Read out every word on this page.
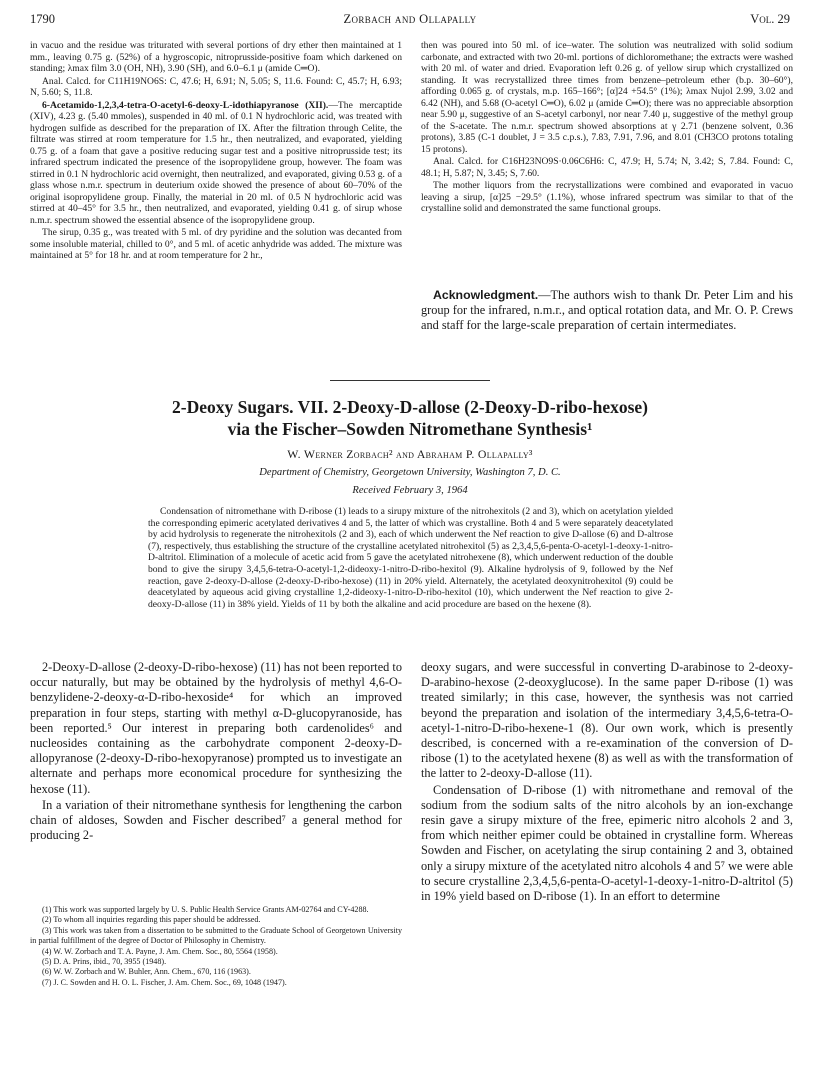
1790	Zorbach and Ollapally	Vol. 29

in vacuo and the residue was triturated with several portions of dry ether then maintained at 1 mm., leaving 0.75 g. (52%) of a hygroscopic, nitroprusside-positive foam which darkened on standing; λmax film 3.0 (OH, NH), 3.90 (SH), and 6.0–6.1 μ (amide C═O).

Anal. Calcd. for C11H19NO6S: C, 47.6; H, 6.91; N, 5.05; S, 11.6. Found: C, 45.7; H, 6.93; N, 5.60; S, 11.8.

6-Acetamido-1,2,3,4-tetra-O-acetyl-6-deoxy-L-idothiapyranose (XII).—The mercaptide (XIV), 4.23 g. (5.40 mmoles), suspended in 40 ml. of 0.1 N hydrochloric acid, was treated with hydrogen sulfide as described for the preparation of IX. After the filtration through Celite, the filtrate was stirred at room temperature for 1.5 hr., then neutralized, and evaporated, yielding 0.75 g. of a foam that gave a positive reducing sugar test and a positive nitroprusside test; its infrared spectrum indicated the presence of the isopropylidene group, however. The foam was stirred in 0.1 N hydrochloric acid overnight, then neutralized, and evaporated, giving 0.53 g. of a glass whose n.m.r. spectrum in deuterium oxide showed the presence of about 60–70% of the original isopropylidene group. Finally, the material in 20 ml. of 0.5 N hydrochloric acid was stirred at 40–45° for 3.5 hr., then neutralized, and evaporated, yielding 0.41 g. of sirup whose n.m.r. spectrum showed the essential absence of the isopropylidene group.

The sirup, 0.35 g., was treated with 5 ml. of dry pyridine and the solution was decanted from some insoluble material, chilled to 0°, and 5 ml. of acetic anhydride was added. The mixture was maintained at 5° for 18 hr. and at room temperature for 2 hr.,

then was poured into 50 ml. of ice–water. The solution was neutralized with solid sodium carbonate, and extracted with two 20-ml. portions of dichloromethane; the extracts were washed with 20 ml. of water and dried. Evaporation left 0.26 g. of yellow sirup which crystallized on standing. It was recrystallized three times from benzene–petroleum ether (b.p. 30–60°), affording 0.065 g. of crystals, m.p. 165–166°; [α]24 +54.5° (1%); λmax Nujol 2.99, 3.02 and 6.42 (NH), and 5.68 (O-acetyl C═O), 6.02 μ (amide C═O); there was no appreciable absorption near 5.90 μ, suggestive of an S-acetyl carbonyl, nor near 7.40 μ, suggestive of the methyl group of the S-acetate. The n.m.r. spectrum showed absorptions at γ 2.71 (benzene solvent, 0.36 protons), 3.85 (C-1 doublet, J = 3.5 c.p.s.), 7.83, 7.91, 7.96, and 8.01 (CH3CO protons totaling 15 protons).

Anal. Calcd. for C16H23NO9S·0.06C6H6: C, 47.9; H, 5.74; N, 3.42; S, 7.84. Found: C, 48.1; H, 5.87; N, 3.45; S, 7.60.

The mother liquors from the recrystallizations were combined and evaporated in vacuo leaving a sirup, [α]25 −29.5° (1.1%), whose infrared spectrum was similar to that of the crystalline solid and demonstrated the same functional groups.

Acknowledgment.—The authors wish to thank Dr. Peter Lim and his group for the infrared, n.m.r., and optical rotation data, and Mr. O. P. Crews and staff for the large-scale preparation of certain intermediates.
2-Deoxy Sugars. VII. 2-Deoxy-D-allose (2-Deoxy-D-ribo-hexose)
via the Fischer–Sowden Nitromethane Synthesis¹
W. Werner Zorbach² and Abraham P. Ollapally³
Department of Chemistry, Georgetown University, Washington 7, D. C.
Received February 3, 1964
Condensation of nitromethane with D-ribose (1) leads to a sirupy mixture of the nitrohexitols (2 and 3), which on acetylation yielded the corresponding epimeric acetylated derivatives 4 and 5, the latter of which was crystalline. Both 4 and 5 were separately deacetylated by acid hydrolysis to regenerate the nitrohexitols (2 and 3), each of which underwent the Nef reaction to give D-allose (6) and D-altrose (7), respectively, thus establishing the structure of the crystalline acetylated nitrohexitol (5) as 2,3,4,5,6-penta-O-acetyl-1-deoxy-1-nitro-D-altritol. Elimination of a molecule of acetic acid from 5 gave the acetylated nitrohexene (8), which underwent reduction of the double bond to give the sirupy 3,4,5,6-tetra-O-acetyl-1,2-dideoxy-1-nitro-D-ribo-hexitol (9). Alkaline hydrolysis of 9, followed by the Nef reaction, gave 2-deoxy-D-allose (2-deoxy-D-ribo-hexose) (11) in 20% yield. Alternately, the acetylated deoxynitrohexitol (9) could be deacetylated by aqueous acid giving crystalline 1,2-dideoxy-1-nitro-D-ribo-hexitol (10), which underwent the Nef reaction to give 2-deoxy-D-allose (11) in 38% yield. Yields of 11 by both the alkaline and acid procedure are based on the hexene (8).

2-Deoxy-D-allose (2-deoxy-D-ribo-hexose) (11) has not been reported to occur naturally, but may be obtained by the hydrolysis of methyl 4,6-O-benzylidene-2-deoxy-α-D-ribo-hexoside⁴ for which an improved preparation in four steps, starting with methyl α-D-glucopyranoside, has been reported.⁵ Our interest in preparing both cardenolides⁶ and nucleosides containing as the carbohydrate component 2-deoxy-D-allopyranose (2-deoxy-D-ribo-hexopyranose) prompted us to investigate an alternate and perhaps more economical procedure for synthesizing the hexose (11).

In a variation of their nitromethane synthesis for lengthening the carbon chain of aldoses, Sowden and Fischer described⁷ a general method for producing 2-

(1) This work was supported largely by U. S. Public Health Service Grants AM-02764 and CY-4288.
(2) To whom all inquiries regarding this paper should be addressed.
(3) This work was taken from a dissertation to be submitted to the Graduate School of Georgetown University in partial fulfillment of the degree of Doctor of Philosophy in Chemistry.
(4) W. W. Zorbach and T. A. Payne, J. Am. Chem. Soc., 80, 5564 (1958).
(5) D. A. Prins, ibid., 70, 3955 (1948).
(6) W. W. Zorbach and W. Buhler, Ann. Chem., 670, 116 (1963).
(7) J. C. Sowden and H. O. L. Fischer, J. Am. Chem. Soc., 69, 1048 (1947).

deoxy sugars, and were successful in converting D-arabinose to 2-deoxy-D-arabino-hexose (2-deoxyglucose). In the same paper D-ribose (1) was treated similarly; in this case, however, the synthesis was not carried beyond the preparation and isolation of the intermediary 3,4,5,6-tetra-O-acetyl-1-nitro-D-ribo-hexene-1 (8). Our own work, which is presently described, is concerned with a re-examination of the conversion of D-ribose (1) to the acetylated hexene (8) as well as with the transformation of the latter to 2-deoxy-D-allose (11).

Condensation of D-ribose (1) with nitromethane and removal of the sodium from the sodium salts of the nitro alcohols by an ion-exchange resin gave a sirupy mixture of the free, epimeric nitro alcohols 2 and 3, from which neither epimer could be obtained in crystalline form. Whereas Sowden and Fischer, on acetylating the sirup containing 2 and 3, obtained only a sirupy mixture of the acetylated nitro alcohols 4 and 5⁷ we were able to secure crystalline 2,3,4,5,6-penta-O-acetyl-1-deoxy-1-nitro-D-altritol (5) in 19% yield based on D-ribose (1). In an effort to determine
